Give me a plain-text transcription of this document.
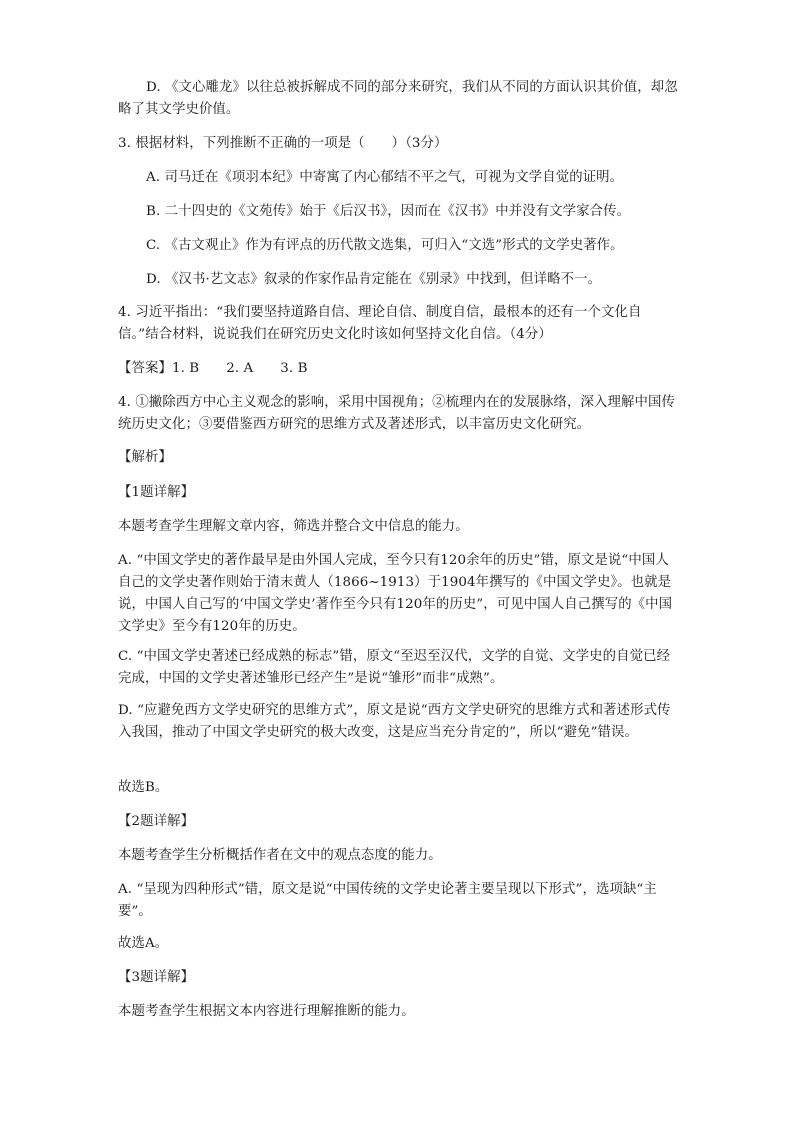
D. 《文心雕龙》以往总被拆解成不同的部分来研究，我们从不同的方面认识其价值，却忽略了其文学史价值。
3. 根据材料，下列推断不正确的一项是（　　）（3分）
A. 司马迁在《项羽本纪》中寄寓了内心郁结不平之气，可视为文学自觉的证明。
B. 二十四史的《文苑传》始于《后汉书》，因而在《汉书》中并没有文学家合传。
C. 《古文观止》作为有评点的历代散文选集，可归入“文选”形式的文学史著作。
D. 《汉书·艺文志》叙录的作家作品肯定能在《别录》中找到，但详略不一。
4. 习近平指出：“我们要坚持道路自信、理论自信、制度自信，最根本的还有一个文化自信。”结合材料，说说我们在研究历史文化时该如何坚持文化自信。（4分）
【答案】1. B　　2. A　　3. B
4. ①撇除西方中心主义观念的影响，采用中国视角；②梳理内在的发展脉络，深入理解中国传统历史文化；③要借鉴西方研究的思维方式及著述形式，以丰富历史文化研究。
【解析】
【1题详解】
本题考查学生理解文章内容，筛选并整合文中信息的能力。
A. “中国文学史的著作最早是由外国人完成，至今只有120余年的历史”错，原文是说“中国人自己的文学史著作则始于清末黄人（1866~1913）于1904年撰写的《中国文学史》。也就是说，中国人自己写的‘中国文学史’著作至今只有120年的历史”，可见中国人自己撰写的《中国文学史》至今有120年的历史。
C. “中国文学史著述已经成熟的标志”错，原文“至迟至汉代，文学的自觉、文学史的自觉已经完成，中国的文学史著述雏形已经产生”是说“雏形”而非“成熟”。
D. “应避免西方文学史研究的思维方式”，原文是说“西方文学史研究的思维方式和著述形式传入我国，推动了中国文学史研究的极大改变，这是应当充分肯定的”，所以“避免”错误。
故选B。
【2题详解】
本题考查学生分析概括作者在文中的观点态度的能力。
A. “呈现为四种形式”错，原文是说“中国传统的文学史论著主要呈现以下形式”，选项缺“主要”。
故选A。
【3题详解】
本题考查学生根据文本内容进行理解推断的能力。
